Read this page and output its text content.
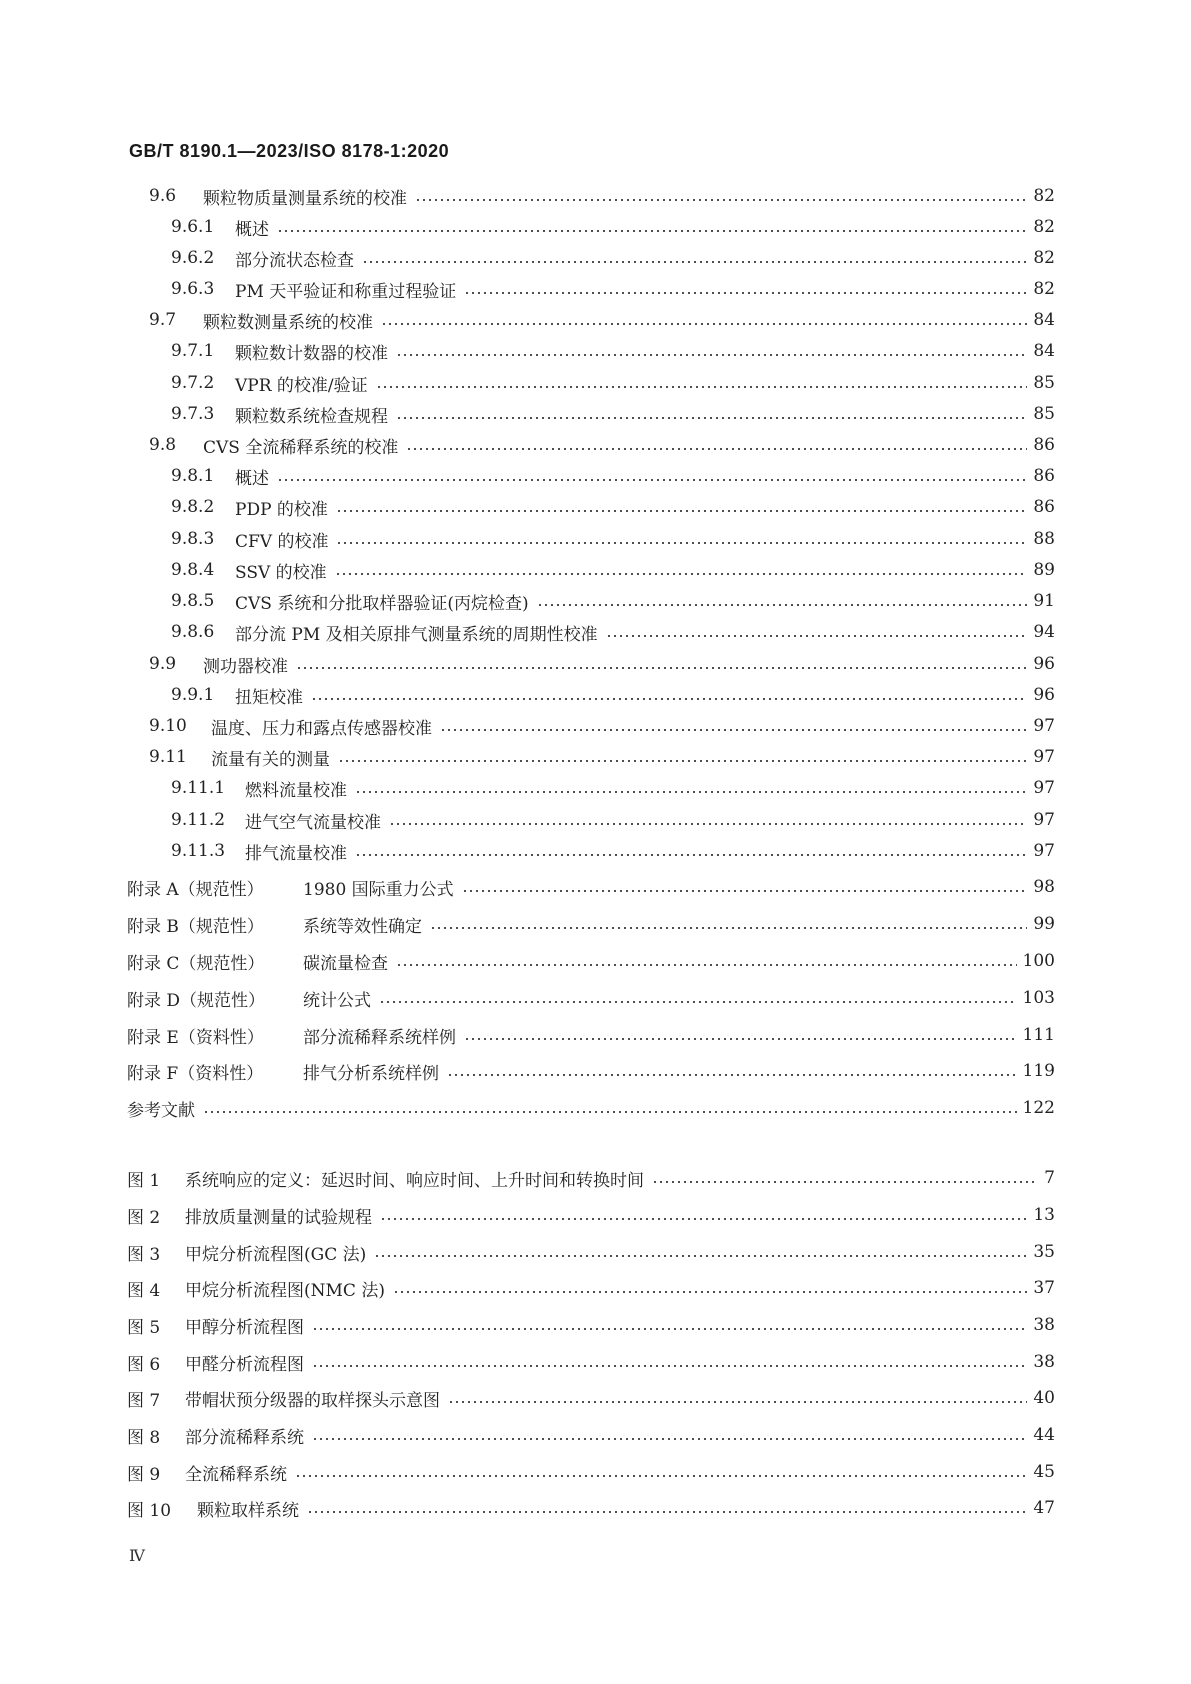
GB/T 8190.1—2023/ISO 8178-1:2020
9.6	颗粒物质量测量系统的校准	82
9.6.1	概述	82
9.6.2	部分流状态检查	82
9.6.3	PM 天平验证和称重过程验证	82
9.7	颗粒数测量系统的校准	84
9.7.1	颗粒数计数器的校准	84
9.7.2	VPR 的校准/验证	85
9.7.3	颗粒数系统检查规程	85
9.8	CVS 全流稀释系统的校准	86
9.8.1	概述	86
9.8.2	PDP 的校准	86
9.8.3	CFV 的校准	88
9.8.4	SSV 的校准	89
9.8.5	CVS 系统和分批取样器验证(丙烷检查)	91
9.8.6	部分流 PM 及相关原排气测量系统的周期性校准	94
9.9	测功器校准	96
9.9.1	扭矩校准	96
9.10	温度、压力和露点传感器校准	97
9.11	流量有关的测量	97
9.11.1	燃料流量校准	97
9.11.2	进气空气流量校准	97
9.11.3	排气流量校准	97
附录 A（规范性）	1980 国际重力公式	98
附录 B（规范性）	系统等效性确定	99
附录 C（规范性）	碳流量检查	100
附录 D（规范性）	统计公式	103
附录 E（资料性）	部分流稀释系统样例	111
附录 F（资料性）	排气分析系统样例	119
参考文献	122
图 1	系统响应的定义：延迟时间、响应时间、上升时间和转换时间	7
图 2	排放质量测量的试验规程	13
图 3	甲烷分析流程图(GC 法)	35
图 4	甲烷分析流程图(NMC 法)	37
图 5	甲醇分析流程图	38
图 6	甲醛分析流程图	38
图 7	带帽状预分级器的取样探头示意图	40
图 8	部分流稀释系统	44
图 9	全流稀释系统	45
图 10	颗粒取样系统	47
Ⅳ
